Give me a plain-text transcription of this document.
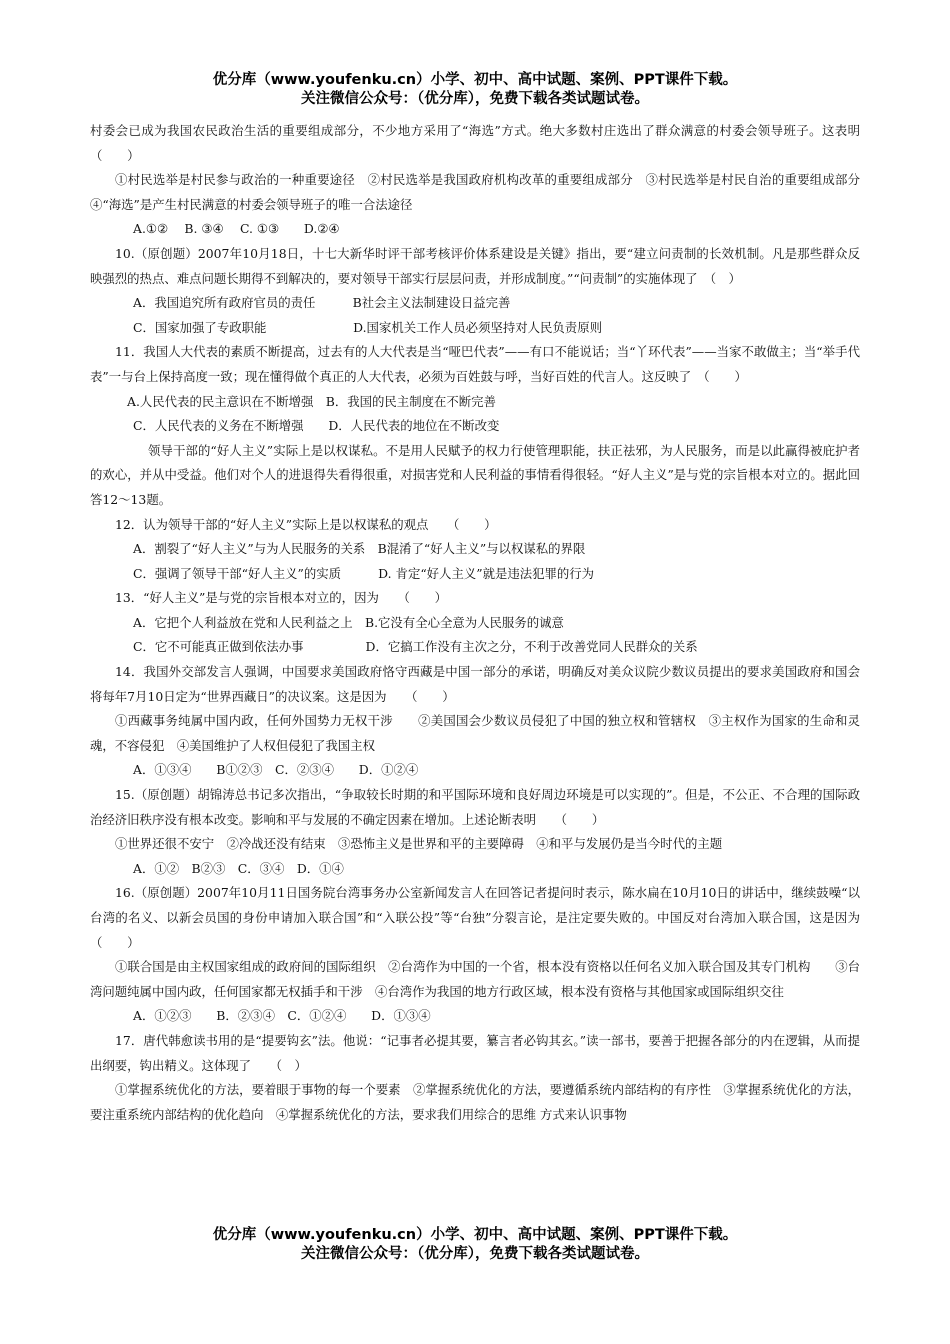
优分库（www.youfenku.cn）小学、初中、高中试题、案例、PPT课件下载。
关注微信公众号：（优分库），免费下载各类试题试卷。
村委会已成为我国农民政治生活的重要组成部分，不少地方采用了“海选”方式。绝大多数村庄选出了群众满意的村委会领导班子。这表明　（　　）
①村民选举是村民参与政治的一种重要途径　②村民选举是我国政府机构改革的重要组成部分　③村民选举是村民自治的重要组成部分　④“海选”是产生村民满意的村委会领导班子的唯一合法途径
A.①②　 B. ③④　 C. ①③　　D.②④
10.（原创题）2007年10月18日，十七大新华时评干部考核评价体系建设是关键》指出，要“建立问责制的长效机制。凡是那些群众反映强烈的热点、难点问题长期得不到解决的，要对领导干部实行层层问责，并形成制度。”“问责制”的实施体现了　（　）
A．我国追究所有政府官员的责任　　　B社会主义法制建设日益完善
C．国家加强了专政职能　　　　　　　D.国家机关工作人员必须坚持对人民负责原则
11．我国人大代表的素质不断提高，过去有的人大代表是当“哑巴代表”——有口不能说话；当“丫环代表”——当家不敢做主；当“举手代表”一与台上保持高度一致；现在懂得做个真正的人大代表，必须为百姓鼓与呼，当好百姓的代言人。这反映了　（　　）
A.人民代表的民主意识在不断增强　B．我国的民主制度在不断完善
C．人民代表的义务在不断增强　　D．人民代表的地位在不断改变
领导干部的“好人主义”实际上是以权谋私。不是用人民赋予的权力行使管理职能，扶正祛邪，为人民服务，而是以此赢得被庇护者的欢心，并从中受益。他们对个人的进退得失看得很重，对损害党和人民利益的事情看得很轻。“好人主义”是与党的宗旨根本对立的。据此回答12～13题。
12．认为领导干部的“好人主义”实际上是以权谋私的观点　　（　　）
A．割裂了“好人主义”与为人民服务的关系　B混淆了“好人主义”与以权谋私的界限
C．强调了领导干部“好人主义”的实质　　　D. 肯定“好人主义”就是违法犯罪的行为
13．“好人主义”是与党的宗旨根本对立的，因为　　（　　）
A．它把个人利益放在党和人民利益之上　B.它没有全心全意为人民服务的诚意
C．它不可能真正做到依法办事　　　　　D．它搞工作没有主次之分，不利于改善党同人民群众的关系
14．我国外交部发言人强调，中国要求美国政府恪守西藏是中国一部分的承诺，明确反对美众议院少数议员提出的要求美国政府和国会将每年7月10日定为“世界西藏日”的决议案。这是因为　　（　　）
①西藏事务纯属中国内政，任何外国势力无权干涉　　②美国国会少数议员侵犯了中国的独立权和管辖权　③主权作为国家的生命和灵魂，不容侵犯　④美国维护了人权但侵犯了我国主权
A．①③④　　B①②③　C．②③④　　D．①②④
15.（原创题）胡锦涛总书记多次指出，“争取较长时期的和平国际环境和良好周边环境是可以实现的”。但是，不公正、不合理的国际政治经济旧秩序没有根本改变。影响和平与发展的不确定因素在增加。上述论断表明　　（　　）
①世界还很不安宁　②冷战还没有结束　③恐怖主义是世界和平的主要障碍　④和平与发展仍是当今时代的主题
A．①②　B②③　C．③④　D．①④
16.（原创题）2007年10月11日国务院台湾事务办公室新闻发言人在回答记者提问时表示，陈水扁在10月10日的讲话中，继续鼓噪“以台湾的名义、以新会员国的身份申请加入联合国”和“入联公投”等“台独”分裂言论，是注定要失败的。中国反对台湾加入联合国，这是因为　　（　　）
①联合国是由主权国家组成的政府间的国际组织　②台湾作为中国的一个省，根本没有资格以任何名义加入联合国及其专门机构　　③台湾问题纯属中国内政，任何国家都无权插手和干涉　④台湾作为我国的地方行政区域，根本没有资格与其他国家或国际组织交往
A．①②③　　B．②③④　C．①②④　　D．①③④
17．唐代韩愈读书用的是“提要钩玄”法。他说：“记事者必提其要，纂言者必钩其玄。”读一部书，要善于把握各部分的内在逻辑，从而提出纲要，钩出精义。这体现了　　（　）
①掌握系统优化的方法，要着眼于事物的每一个要素　②掌握系统优化的方法，要遵循系统内部结构的有序性　③掌握系统优化的方法，要注重系统内部结构的优化趋向　④掌握系统优化的方法，要求我们用综合的思维 方式来认识事物
优分库（www.youfenku.cn）小学、初中、高中试题、案例、PPT课件下载。
关注微信公众号：（优分库），免费下载各类试题试卷。
